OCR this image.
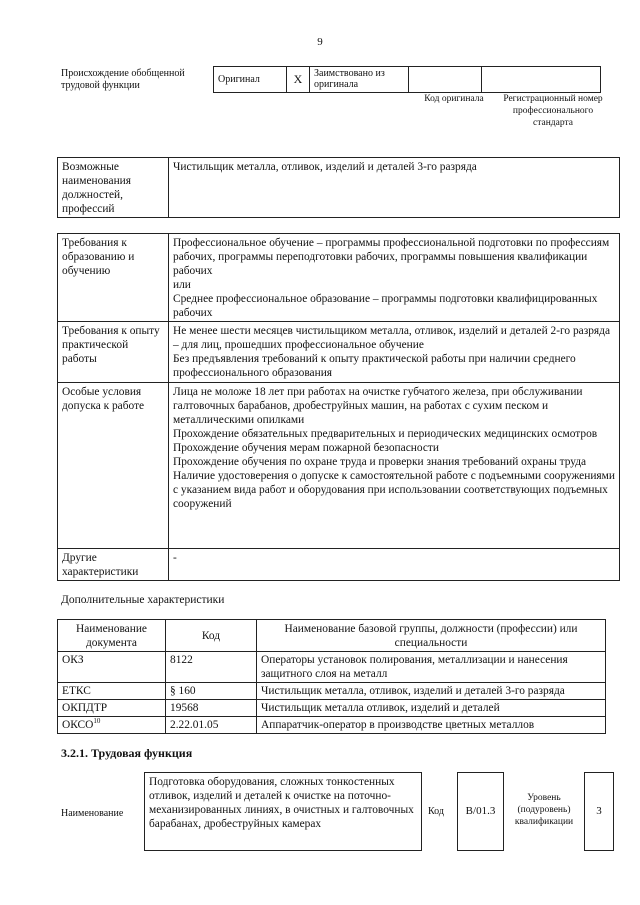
9
Происхождение обобщенной трудовой функции
Оригинал	X	Заимствовано из оригинала		
Код оригинала Регистрационный номер профессионального стандарта
Возможные наименования должностей, профессий	Чистильщик металла, отливок, изделий и деталей 3-го разряда
Требования к образованию и обучению	Профессиональное обучение – программы профессиональной подготовки по профессиям рабочих, программы переподготовки рабочих, программы повышения квалификации рабочих
или
Среднее профессиональное образование – программы подготовки квалифицированных рабочих

Требования к опыту практической работы	Не менее шести месяцев чистильщиком металла, отливок, изделий и деталей 2-го разряда – для лиц, прошедших профессиональное обучение
Без предъявления требований к опыту практической работы при наличии среднего профессионального образования

Особые условия допуска к работе	Лица не моложе 18 лет при работах на очистке губчатого железа, при обслуживании галтовочных барабанов, дробеструйных машин, на работах с сухим песком и металлическими опилками
Прохождение обязательных предварительных и периодических медицинских осмотров
Прохождение обучения мерам пожарной безопасности
Прохождение обучения по охране труда и проверки знания требований охраны труда
Наличие удостоверения о допуске к самостоятельной работе с подъемными сооружениями с указанием вида работ и оборудования при использовании соответствующих подъемных сооружений

Другие характеристики	-
Дополнительные характеристики
Наименование документа	Код	Наименование базовой группы, должности (профессии) или специальности
ОКЗ	8122	Операторы установок полирования, металлизации и нанесения защитного слоя на металл
ЕТКС	§ 160	Чистильщик металла, отливок, изделий и деталей 3-го разряда
ОКПДТР	19568	Чистильщик металла отливок, изделий и деталей
ОКСО$^{10}$	2.22.01.05	Аппаратчик-оператор в производстве цветных металлов
3.2.1. Трудовая функция
Наименование
Подготовка оборудования, сложных тонкостенных отливок, изделий и деталей к очистке на поточно-механизированных линиях, в очистных и галтовочных барабанах, дробеструйных камерах
Код	B/01.3
Уровень (подуровень) квалификации
3
